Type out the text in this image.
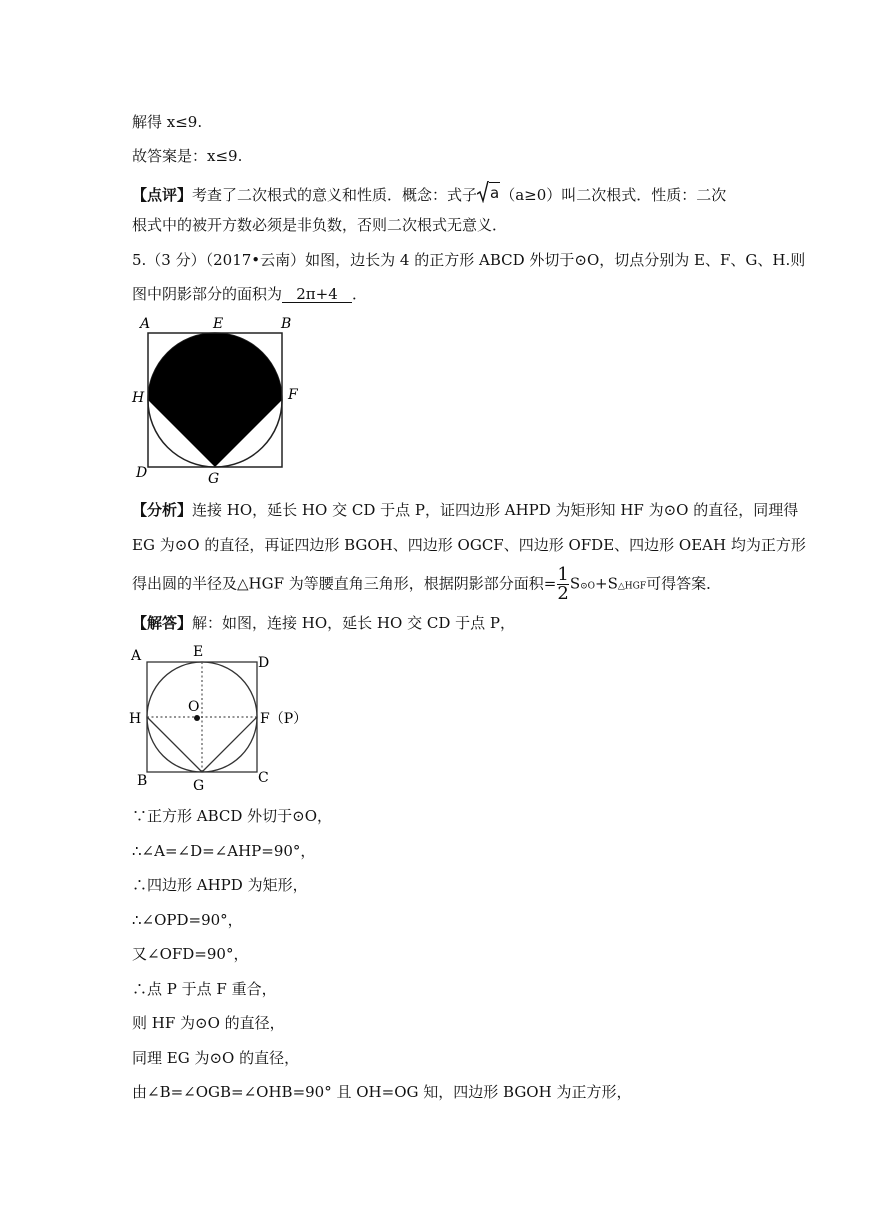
解得 x≤9.
故答案是：x≤9.
【点评】考查了二次根式的意义和性质．概念：式子 a （a≥0）叫二次根式．性质：二次
根式中的被开方数必须是非负数，否则二次根式无意义．
5.（3 分）（2017•云南）如图，边长为 4 的正方形 ABCD 外切于⊙O，切点分别为 E、F、G、H.则
图中阴影部分的面积为 2π+4 ．
A	E	B
H	F
D	G
【分析】连接 HO，延长 HO 交 CD 于点 P，证四边形 AHPD 为矩形知 HF 为⊙O 的直径，同理得
EG 为⊙O 的直径，再证四边形 BGOH、四边形 OGCF、四边形 OFDE、四边形 OEAH 均为正方形
得出圆的半径及△HGF 为等腰直角三角形，根据阴影部分面积= $\frac{1}{2}$ S⊙O+S△HGF可得答案．
【解答】解：如图，连接 HO，延长 HO 交 CD 于点 P，
A	E
D
O
H	F（P）
B	G	C
∵正方形 ABCD 外切于⊙O，
∴∠A=∠D=∠AHP=90°，
∴四边形 AHPD 为矩形，
∴∠OPD=90°，
又∠OFD=90°，
∴点 P 于点 F 重合，
则 HF 为⊙O 的直径，
同理 EG 为⊙O 的直径，
由∠B=∠OGB=∠OHB=90° 且 OH=OG 知，四边形 BGOH 为正方形，
